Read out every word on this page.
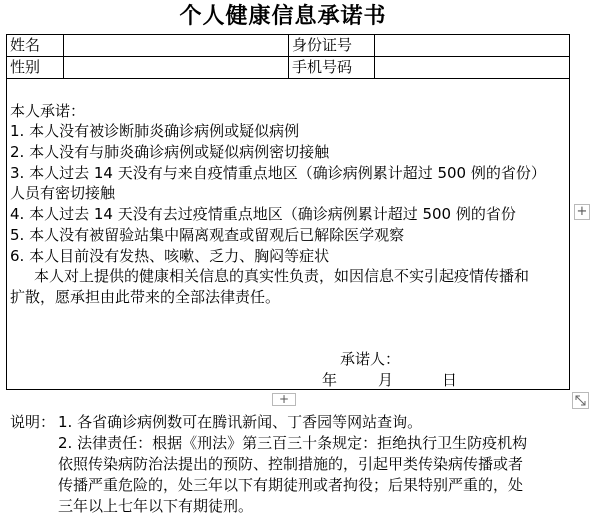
个人健康信息承诺书
姓名	身份证号
性别	手机号码
本人承诺：
1. 本人没有被诊断肺炎确诊病例或疑似病例
2. 本人没有与肺炎确诊病例或疑似病例密切接触
3. 本人过去 14 天没有与来自疫情重点地区（确诊病例累计超过 500 例的省份）
人员有密切接触
4. 本人过去 14 天没有去过疫情重点地区（确诊病例累计超过 500 例的省份
5. 本人没有被留验站集中隔离观查或留观后已解除医学观察
6. 本人目前没有发热、咳嗽、乏力、胸闷等症状
本人对上提供的健康相关信息的真实性负责，如因信息不实引起疫情传播和
扩散，愿承担由此带来的全部法律责任。
承诺人：
年	月	日
+
+
说明： 1. 各省确诊病例数可在腾讯新闻、丁香园等网站查询。
2. 法律责任：根据《刑法》第三百三十条规定：拒绝执行卫生防疫机构
依照传染病防治法提出的预防、控制措施的，引起甲类传染病传播或者
传播严重危险的，处三年以下有期徒刑或者拘役；后果特别严重的，处
三年以上七年以下有期徒刑。
